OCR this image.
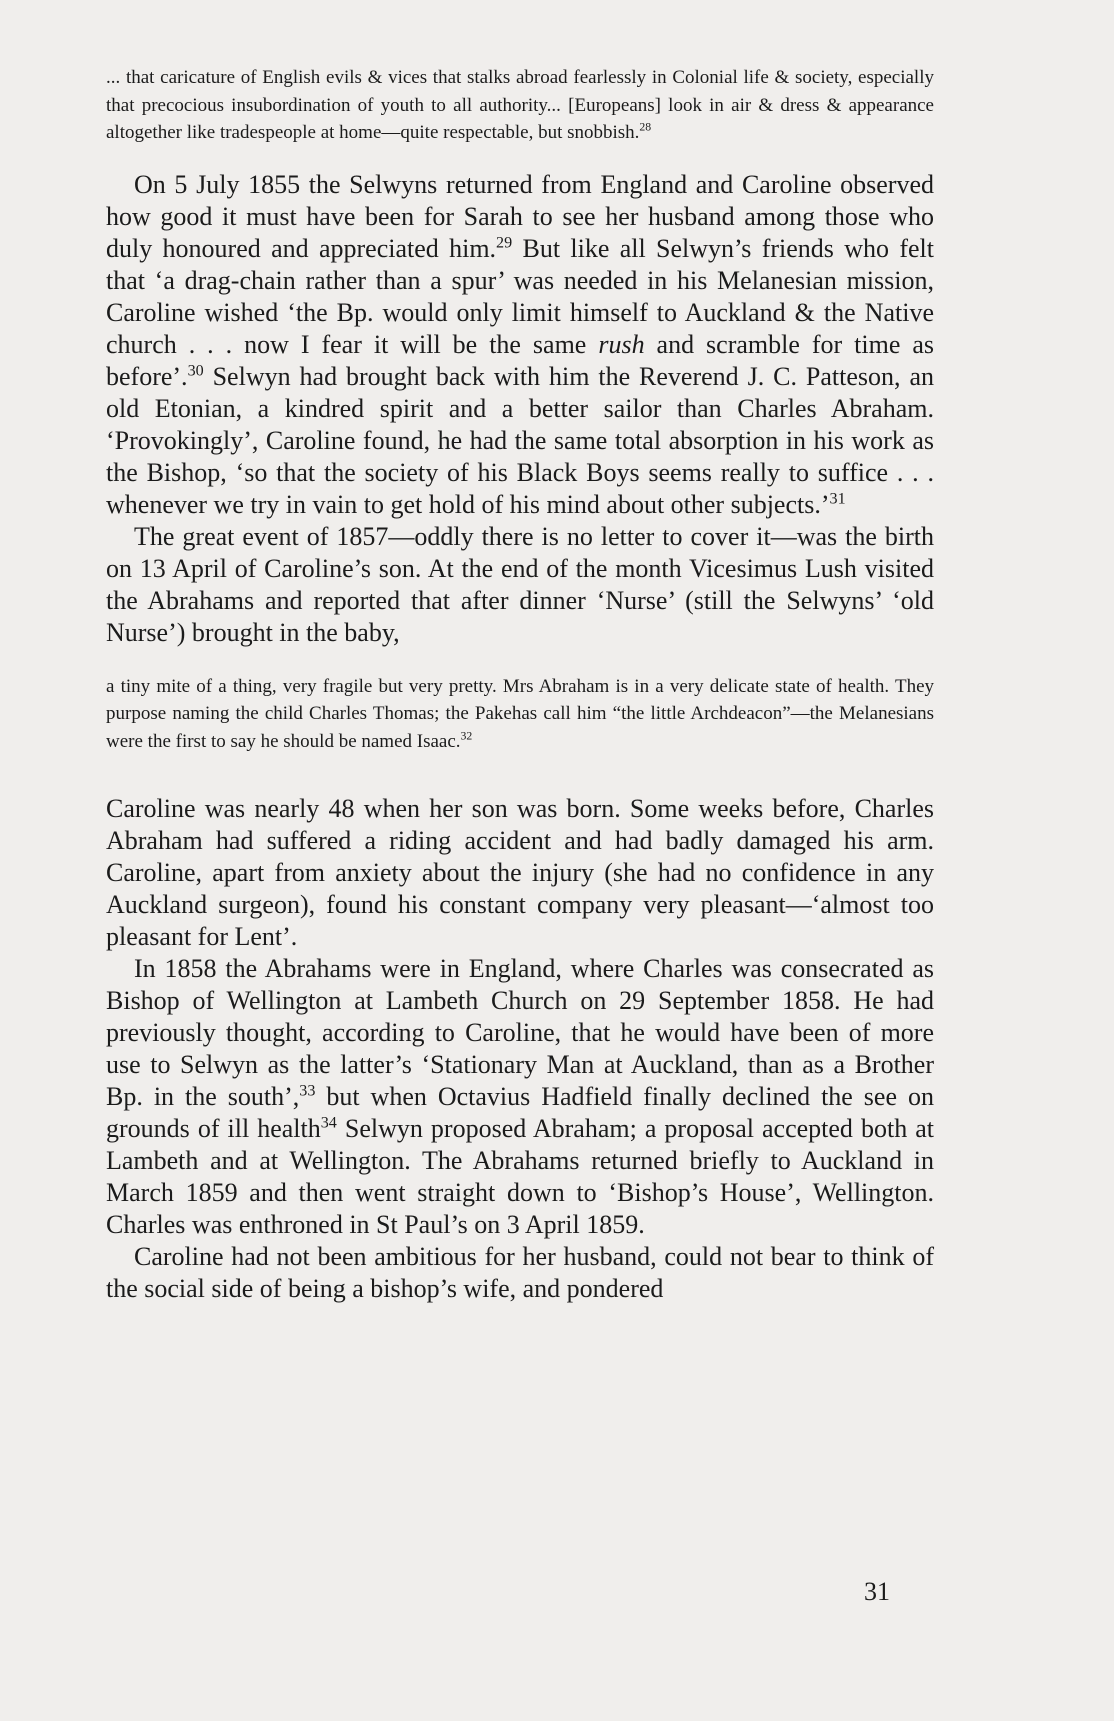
... that caricature of English evils & vices that stalks abroad fearlessly in Colonial life & society, especially that precocious insubordination of youth to all authority... [Europeans] look in air & dress & appearance altogether like tradespeople at home—quite respectable, but snobbish.$^{28}$

On 5 July 1855 the Selwyns returned from England and Caroline observed how good it must have been for Sarah to see her husband among those who duly honoured and appreciated him.$^{29}$ But like all Selwyn’s friends who felt that ‘a drag-chain rather than a spur’ was needed in his Melanesian mission, Caroline wished ‘the Bp. would only limit himself to Auckland & the Native church . . . now I fear it will be the same rush and scramble for time as before’.$^{30}$ Selwyn had brought back with him the Reverend J. C. Patteson, an old Etonian, a kindred spirit and a better sailor than Charles Abraham. ‘Provokingly’, Caroline found, he had the same total absorption in his work as the Bishop, ‘so that the society of his Black Boys seems really to suffice . . . whenever we try in vain to get hold of his mind about other subjects.’$^{31}$

The great event of 1857—oddly there is no letter to cover it—was the birth on 13 April of Caroline’s son. At the end of the month Vicesimus Lush visited the Abrahams and reported that after dinner ‘Nurse’ (still the Selwyns’ ‘old Nurse’) brought in the baby,

a tiny mite of a thing, very fragile but very pretty. Mrs Abraham is in a very delicate state of health. They purpose naming the child Charles Thomas; the Pakehas call him “the little Archdeacon”—the Melanesians were the first to say he should be named Isaac.$^{32}$

Caroline was nearly 48 when her son was born. Some weeks before, Charles Abraham had suffered a riding accident and had badly damaged his arm. Caroline, apart from anxiety about the injury (she had no confidence in any Auckland surgeon), found his constant company very pleasant—‘almost too pleasant for Lent’.

In 1858 the Abrahams were in England, where Charles was consecrated as Bishop of Wellington at Lambeth Church on 29 September 1858. He had previously thought, according to Caroline, that he would have been of more use to Selwyn as the latter’s ‘Stationary Man at Auckland, than as a Brother Bp. in the south’,$^{33}$ but when Octavius Hadfield finally declined the see on grounds of ill health$^{34}$ Selwyn proposed Abraham; a proposal accepted both at Lambeth and at Wellington. The Abrahams returned briefly to Auckland in March 1859 and then went straight down to ‘Bishop’s House’, Wellington. Charles was enthroned in St Paul’s on 3 April 1859.

Caroline had not been ambitious for her husband, could not bear to think of the social side of being a bishop’s wife, and pondered

31
